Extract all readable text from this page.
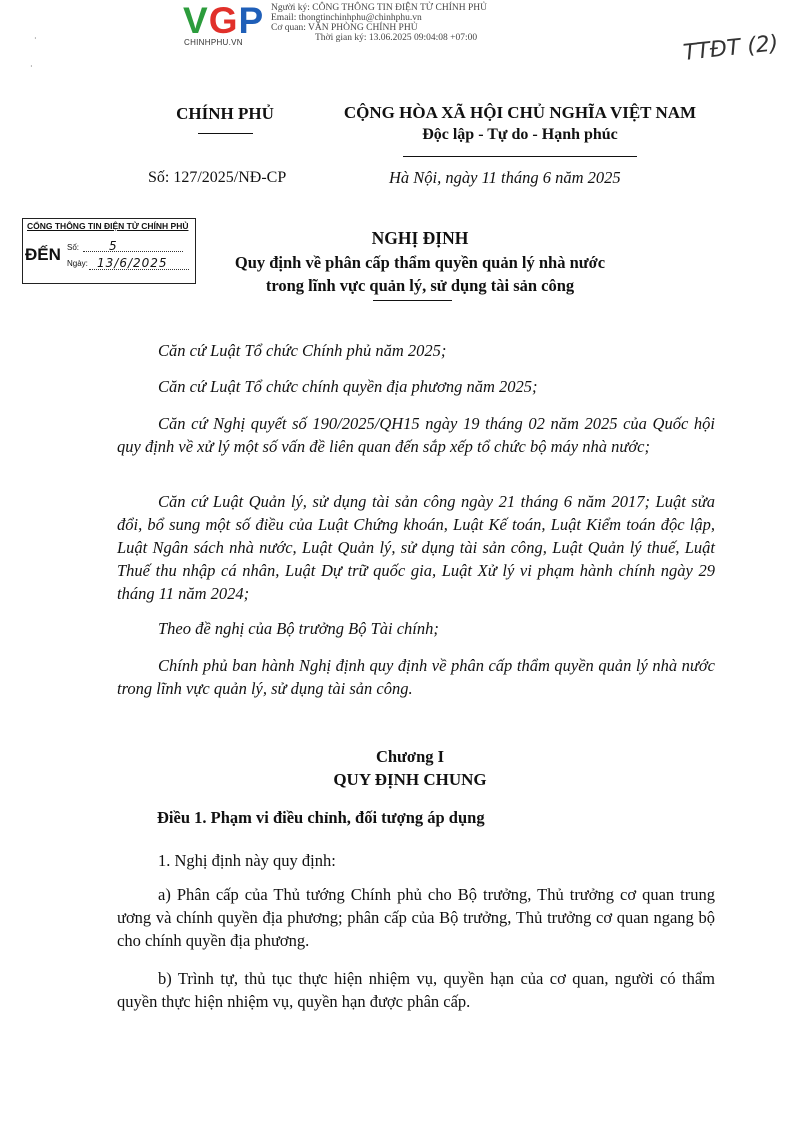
VGP
CHINHPHU.VN
Người ký: CÔNG THÔNG TIN ĐIỆN TỬ CHÍNH PHỦ
Email: thongtinchinhphu@chinhphu.vn
Cơ quan: VĂN PHÒNG CHÍNH PHỦ
Thời gian ký: 13.06.2025 09:04:08 +07:00	TTĐT (2)
·
·
CHÍNH PHỦ	CỘNG HÒA XÃ HỘI CHỦ NGHĨA VIỆT NAM
Độc lập - Tự do - Hạnh phúc
Số: 127/2025/NĐ-CP	Hà Nội, ngày 11 tháng 6 năm 2025
CỔNG THÔNG TIN ĐIỆN TỬ CHÍNH PHỦ
ĐẾN Số: 5
Ngày: 13/6/2025
NGHỊ ĐỊNH
Quy định về phân cấp thẩm quyền quản lý nhà nước
trong lĩnh vực quản lý, sử dụng tài sản công
Căn cứ Luật Tổ chức Chính phủ năm 2025;
Căn cứ Luật Tổ chức chính quyền địa phương năm 2025;
Căn cứ Nghị quyết số 190/2025/QH15 ngày 19 tháng 02 năm 2025 của Quốc hội quy định về xử lý một số vấn đề liên quan đến sắp xếp tổ chức bộ máy nhà nước;
Căn cứ Luật Quản lý, sử dụng tài sản công ngày 21 tháng 6 năm 2017; Luật sửa đổi, bổ sung một số điều của Luật Chứng khoán, Luật Kế toán, Luật Kiểm toán độc lập, Luật Ngân sách nhà nước, Luật Quản lý, sử dụng tài sản công, Luật Quản lý thuế, Luật Thuế thu nhập cá nhân, Luật Dự trữ quốc gia, Luật Xử lý vi phạm hành chính ngày 29 tháng 11 năm 2024;
Theo đề nghị của Bộ trưởng Bộ Tài chính;
Chính phủ ban hành Nghị định quy định về phân cấp thẩm quyền quản lý nhà nước trong lĩnh vực quản lý, sử dụng tài sản công.
Chương I
QUY ĐỊNH CHUNG
Điều 1. Phạm vi điều chỉnh, đối tượng áp dụng
1. Nghị định này quy định:
a) Phân cấp của Thủ tướng Chính phủ cho Bộ trưởng, Thủ trưởng cơ quan trung ương và chính quyền địa phương; phân cấp của Bộ trưởng, Thủ trưởng cơ quan ngang bộ cho chính quyền địa phương.
b) Trình tự, thủ tục thực hiện nhiệm vụ, quyền hạn của cơ quan, người có thẩm quyền thực hiện nhiệm vụ, quyền hạn được phân cấp.
